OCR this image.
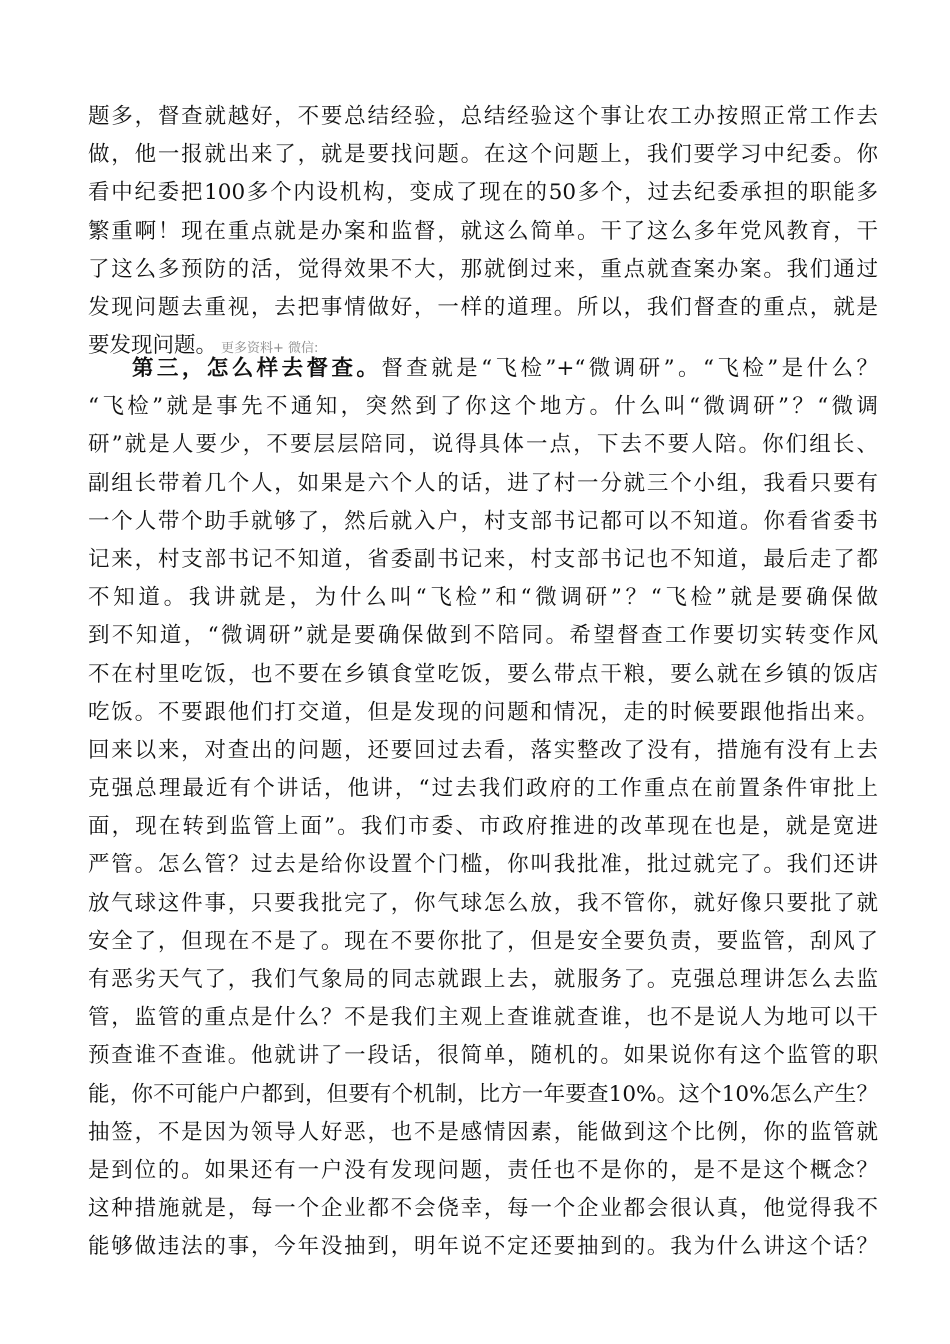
题多，督查就越好，不要总结经验，总结经验这个事让农工办按照正常工作去
做，他一报就出来了，就是要找问题。在这个问题上，我们要学习中纪委。你
看中纪委把100多个内设机构，变成了现在的50多个，过去纪委承担的职能多
繁重啊！现在重点就是办案和监督，就这么简单。干了这么多年党风教育，干
了这么多预防的活，觉得效果不大，那就倒过来，重点就查案办案。我们通过
发现问题去重视，去把事情做好，一样的道理。所以，我们督查的重点，就是
要发现问题。 更多资料+ 微信:
第三，怎么样去督查。督查就是“飞检”+“微调研”。“飞检”是什么？
“飞检”就是事先不通知，突然到了你这个地方。什么叫“微调研”？“微调
研”就是人要少，不要层层陪同，说得具体一点，下去不要人陪。你们组长、
副组长带着几个人，如果是六个人的话，进了村一分就三个小组，我看只要有
一个人带个助手就够了，然后就入户，村支部书记都可以不知道。你看省委书
记来，村支部书记不知道，省委副书记来，村支部书记也不知道，最后走了都
不知道。我讲就是，为什么叫“飞检”和“微调研”？“飞检”就是要确保做
到不知道，“微调研”就是要确保做到不陪同。希望督查工作要切实转变作风
不在村里吃饭，也不要在乡镇食堂吃饭，要么带点干粮，要么就在乡镇的饭店
吃饭。不要跟他们打交道，但是发现的问题和情况，走的时候要跟他指出来。
回来以来，对查出的问题，还要回过去看，落实整改了没有，措施有没有上去
克强总理最近有个讲话，他讲，“过去我们政府的工作重点在前置条件审批上
面，现在转到监管上面”。我们市委、市政府推进的改革现在也是，就是宽进
严管。怎么管？过去是给你设置个门槛，你叫我批准，批过就完了。我们还讲
放气球这件事，只要我批完了，你气球怎么放，我不管你，就好像只要批了就
安全了，但现在不是了。现在不要你批了，但是安全要负责，要监管，刮风了
有恶劣天气了，我们气象局的同志就跟上去，就服务了。克强总理讲怎么去监
管，监管的重点是什么？不是我们主观上查谁就查谁，也不是说人为地可以干
预查谁不查谁。他就讲了一段话，很简单，随机的。如果说你有这个监管的职
能，你不可能户户都到，但要有个机制，比方一年要查10%。这个10%怎么产生？
抽签，不是因为领导人好恶，也不是感情因素，能做到这个比例，你的监管就
是到位的。如果还有一户没有发现问题，责任也不是你的，是不是这个概念？
这种措施就是，每一个企业都不会侥幸，每一个企业都会很认真，他觉得我不
能够做违法的事，今年没抽到，明年说不定还要抽到的。我为什么讲这个话？
